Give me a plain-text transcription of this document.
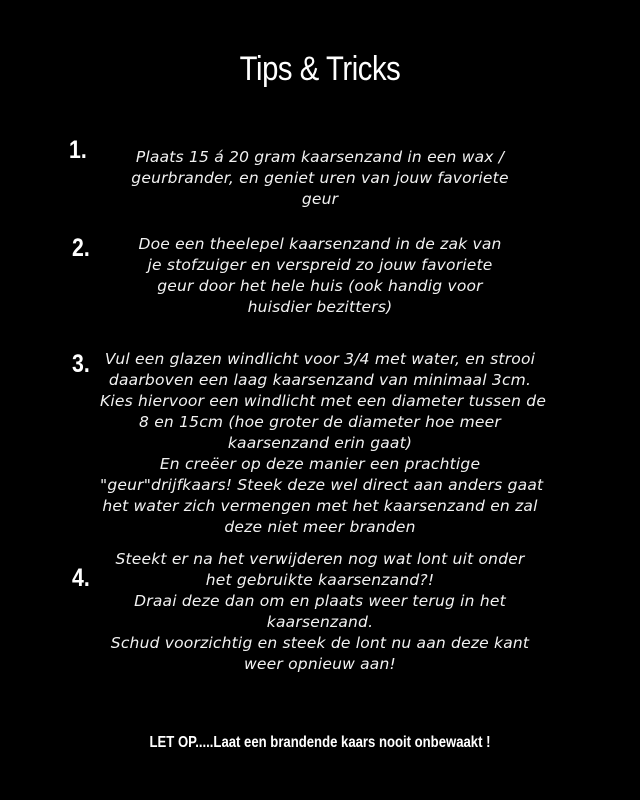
Tips & Tricks
1.	Plaats 15 á 20 gram kaarsenzand in een wax /
geurbrander, en geniet uren van jouw favoriete
geur
2.	Doe een theelepel kaarsenzand in de zak van
je stofzuiger en verspreid zo jouw favoriete
geur door het hele huis (ook handig voor
huisdier bezitters)
3. Vul een glazen windlicht voor 3/4 met water, en strooi
daarboven een laag kaarsenzand van minimaal 3cm.
Kies hiervoor een windlicht met een diameter tussen de
8 en 15cm (hoe groter de diameter hoe meer
kaarsenzand erin gaat)
En creëer op deze manier een prachtige
"geur"drijfkaars! Steek deze wel direct aan anders gaat
het water zich vermengen met het kaarsenzand en zal
deze niet meer branden
4.
Steekt er na het verwijderen nog wat lont uit onder
het gebruikte kaarsenzand?!
Draai deze dan om en plaats weer terug in het
kaarsenzand.
Schud voorzichtig en steek de lont nu aan deze kant
weer opnieuw aan!
LET OP.....Laat een brandende kaars nooit onbewaakt !
